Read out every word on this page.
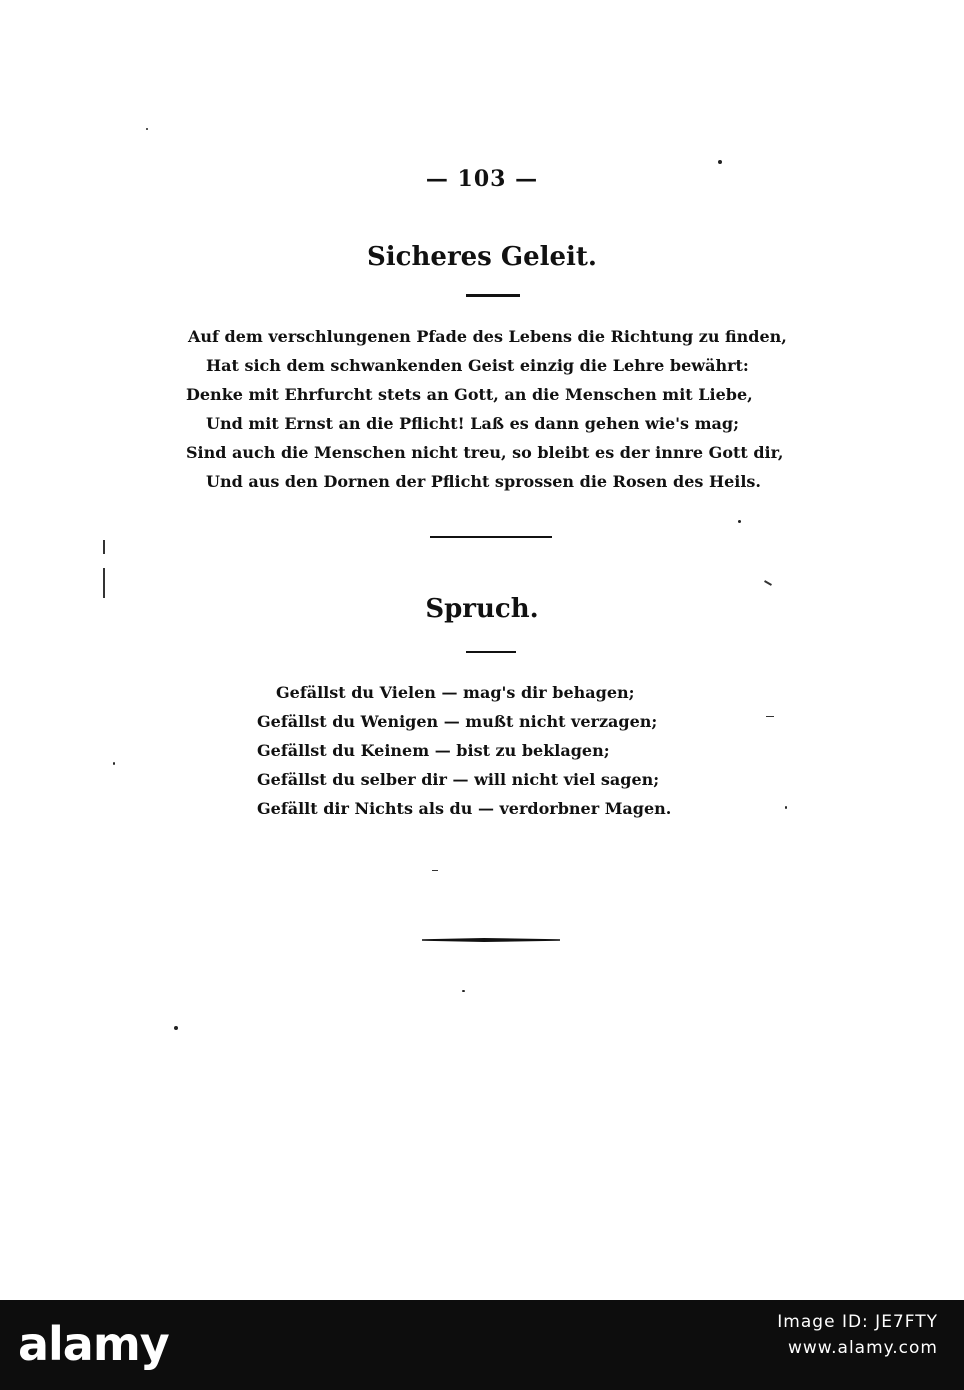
— 103 —
Sicheres Geleit.
Auf dem verschlungenen Pfade des Lebens die Richtung zu finden,
Hat sich dem schwankenden Geist einzig die Lehre bewährt:
Denke mit Ehrfurcht stets an Gott, an die Menschen mit Liebe,
Und mit Ernst an die Pflicht! Laß es dann gehen wie's mag;
Sind auch die Menschen nicht treu, so bleibt es der innre Gott dir,
Und aus den Dornen der Pflicht sprossen die Rosen des Heils.
Spruch.
Gefällst du Vielen — mag's dir behagen;
Gefällst du Wenigen — mußt nicht verzagen;
Gefällst du Keinem — bist zu beklagen;
Gefällst du selber dir — will nicht viel sagen;
Gefällt dir Nichts als du — verdorbner Magen.
alamy	Image ID: JE7FTY
www.alamy.com
